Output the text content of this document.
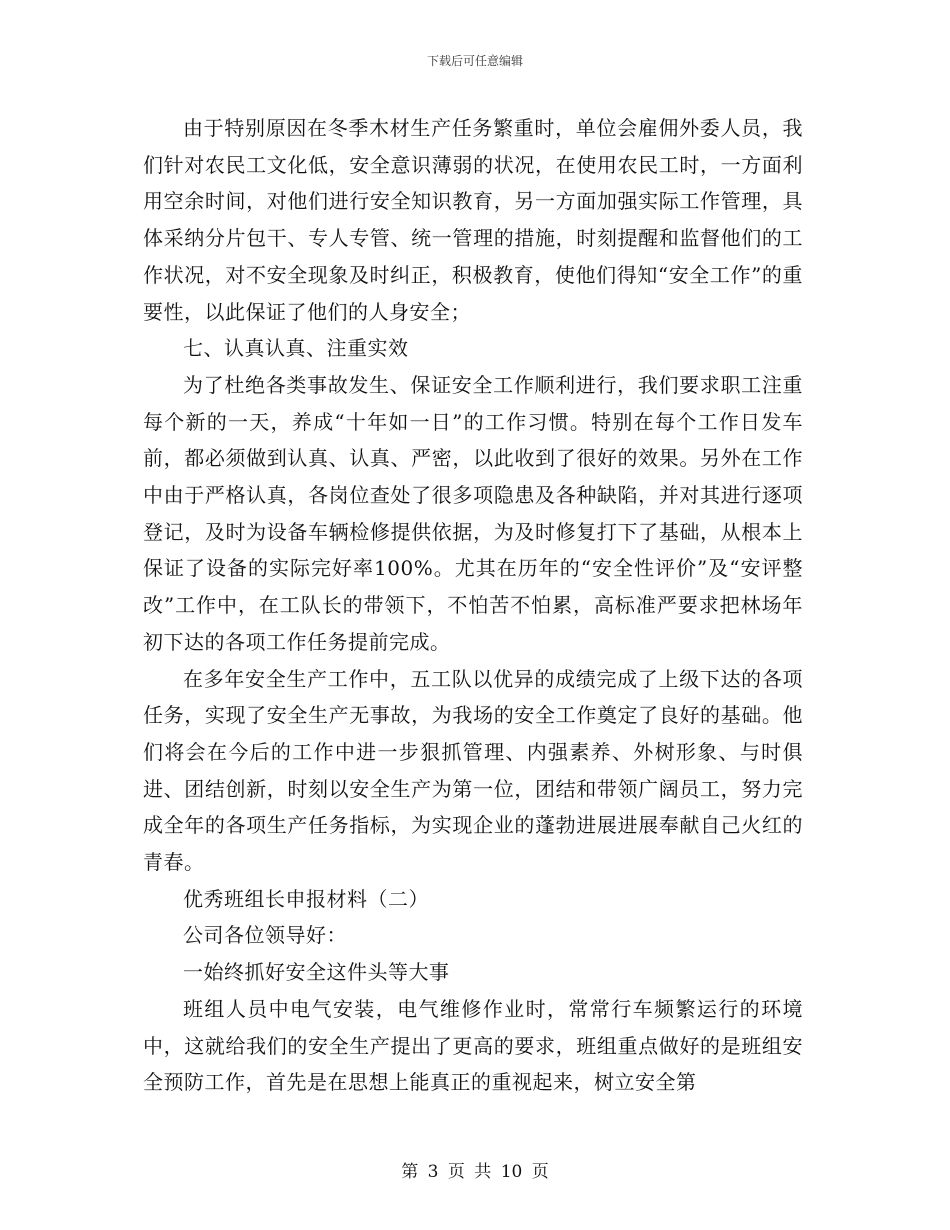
下载后可任意编辑

由于特别原因在冬季木材生产任务繁重时，单位会雇佣外委人员，我们针对农民工文化低，安全意识薄弱的状况，在使用农民工时，一方面利用空余时间，对他们进行安全知识教育，另一方面加强实际工作管理，具体采纳分片包干、专人专管、统一管理的措施，时刻提醒和监督他们的工作状况，对不安全现象及时纠正，积极教育，使他们得知“安全工作”的重要性，以此保证了他们的人身安全；

七、认真认真、注重实效

为了杜绝各类事故发生、保证安全工作顺利进行，我们要求职工注重每个新的一天，养成“十年如一日”的工作习惯。特别在每个工作日发车前，都必须做到认真、认真、严密，以此收到了很好的效果。另外在工作中由于严格认真，各岗位查处了很多项隐患及各种缺陷，并对其进行逐项登记，及时为设备车辆检修提供依据，为及时修复打下了基础，从根本上保证了设备的实际完好率100%。尤其在历年的“安全性评价”及“安评整改”工作中，在工队长的带领下，不怕苦不怕累，高标准严要求把林场年初下达的各项工作任务提前完成。

在多年安全生产工作中，五工队以优异的成绩完成了上级下达的各项任务，实现了安全生产无事故，为我场的安全工作奠定了良好的基础。他们将会在今后的工作中进一步狠抓管理、内强素养、外树形象、与时俱进、团结创新，时刻以安全生产为第一位，团结和带领广阔员工，努力完成全年的各项生产任务指标，为实现企业的蓬勃进展进展奉献自己火红的青春。

优秀班组长申报材料（二）

公司各位领导好：

一始终抓好安全这件头等大事

班组人员中电气安装，电气维修作业时，常常行车频繁运行的环境中，这就给我们的安全生产提出了更高的要求，班组重点做好的是班组安全预防工作，首先是在思想上能真正的重视起来，树立安全第

第 3 页 共 10 页
